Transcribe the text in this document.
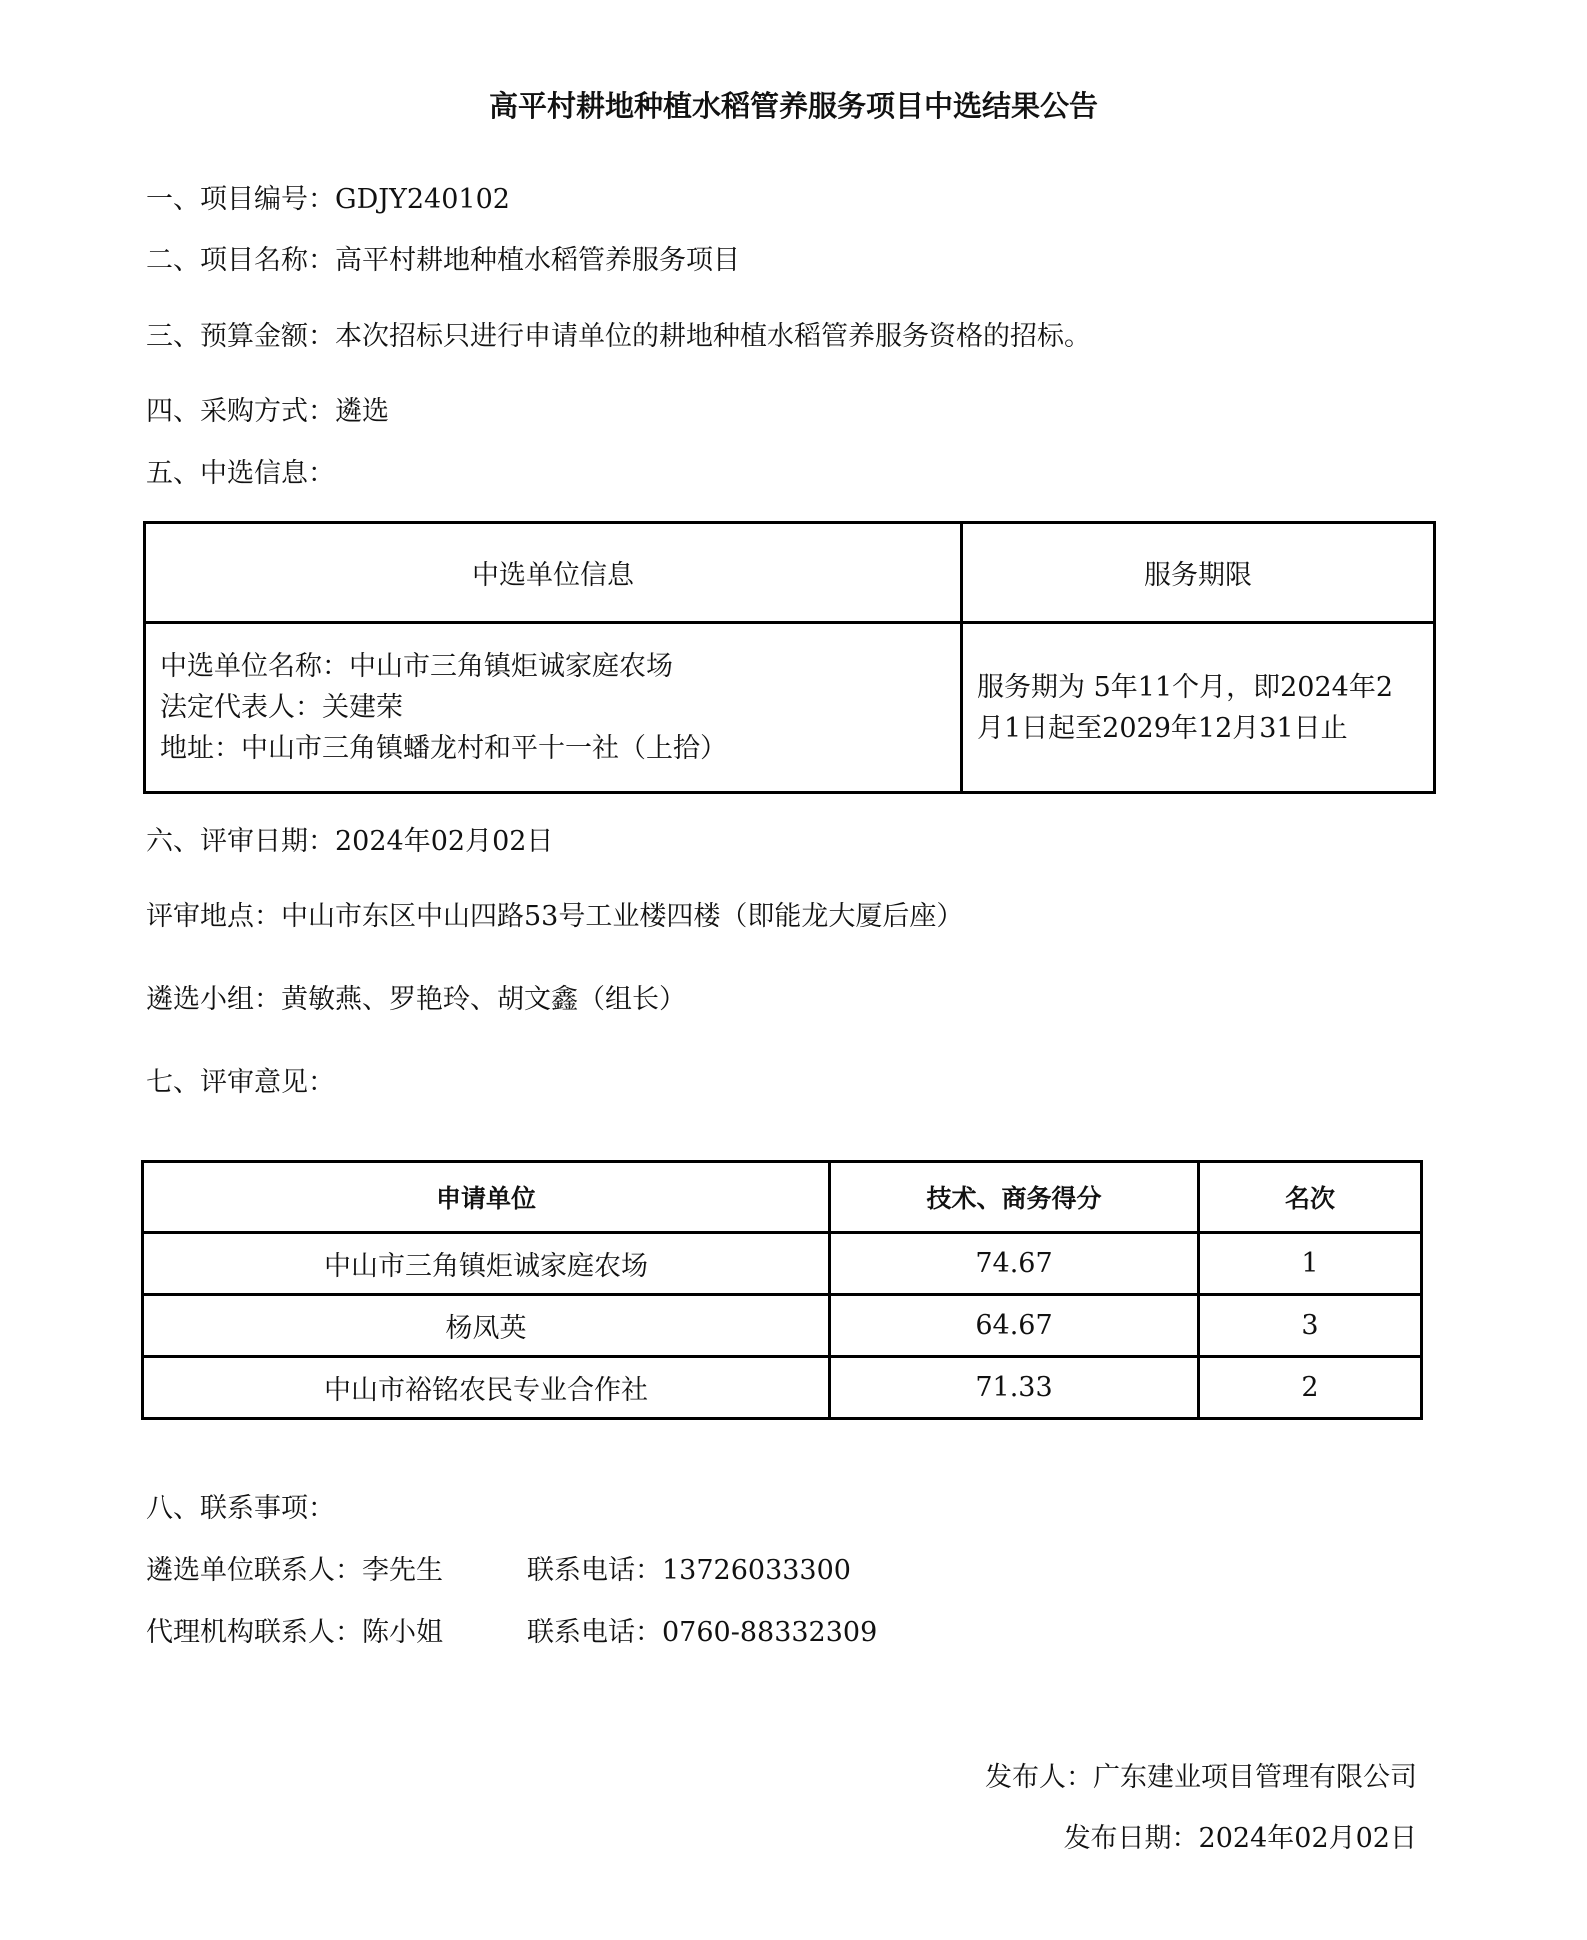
高平村耕地种植水稻管养服务项目中选结果公告
一、项目编号：GDJY240102
二、项目名称：高平村耕地种植水稻管养服务项目
三、预算金额：本次招标只进行申请单位的耕地种植水稻管养服务资格的招标。
四、采购方式：遴选
五、中选信息：
中选单位信息	服务期限

中选单位名称：中山市三角镇炬诚家庭农场
法定代表人：关建荣
地址：中山市三角镇蟠龙村和平十一社（上拾）	服务期为 5年11个月，即2024年2月1日起至2029年12月31日止
六、评审日期：2024年02月02日
评审地点：中山市东区中山四路53号工业楼四楼（即能龙大厦后座）
遴选小组：黄敏燕、罗艳玲、胡文鑫（组长）
七、评审意见：
申请单位	技术、商务得分	名次
中山市三角镇炬诚家庭农场	74.67	1
杨凤英	64.67	3
中山市裕铭农民专业合作社	71.33	2
八、联系事项：
遴选单位联系人：李先生	联系电话：13726033300
代理机构联系人：陈小姐	联系电话：0760-88332309
发布人：广东建业项目管理有限公司
发布日期：2024年02月02日
